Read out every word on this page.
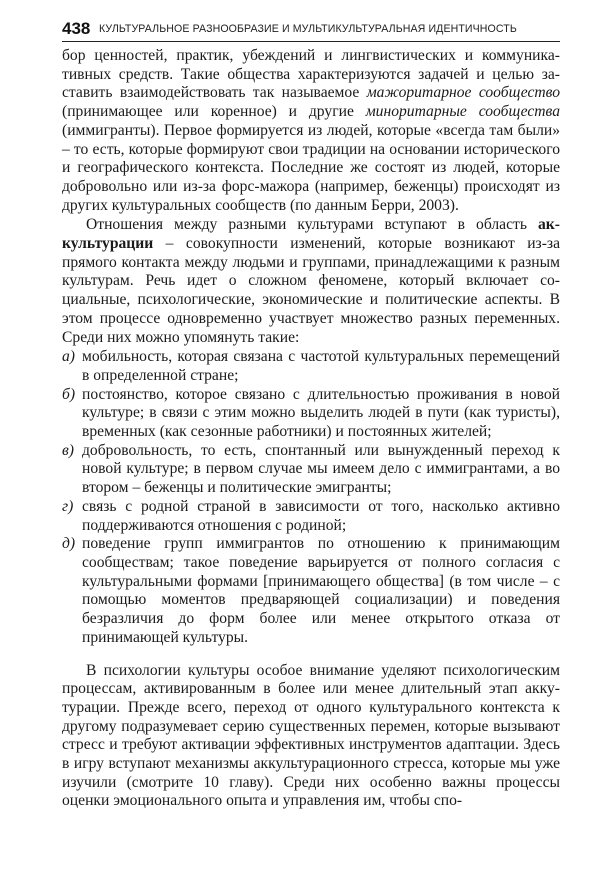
438 КУЛЬТУРАЛЬНОЕ РАЗНООБРАЗИЕ И МУЛЬТИКУЛЬТУРАЛЬНАЯ ИДЕНТИЧНОСТЬ

бор ценностей, практик, убеждений и лингвистических и коммуникативных средств. Такие общества характеризуются задачей и целью заставить взаимодействовать так называемое мажоритарное сообщество (принимающее или коренное) и другие миноритарные сообщества (иммигранты). Первое формируется из людей, которые «всегда там были» – то есть, которые формируют свои традиции на основании исторического и географического контекста. Последние же состоят из людей, которые добровольно или из-за форс-мажора (например, беженцы) происходят из других культуральных сообществ (по данным Берри, 2003).

Отношения между разными культурами вступают в область аккультурации – совокупности изменений, которые возникают из-за прямого контакта между людьми и группами, принадлежащими к разным культурам. Речь идет о сложном феномене, который включает социальные, психологические, экономические и политические аспекты. В этом процессе одновременно участвует множество разных переменных. Среди них можно упомянуть такие:

а) мобильность, которая связана с частотой культуральных перемещений в определенной стране;
б) постоянство, которое связано с длительностью проживания в новой культуре; в связи с этим можно выделить людей в пути (как туристы), временных (как сезонные работники) и постоянных жителей;
в) добровольность, то есть, спонтанный или вынужденный переход к новой культуре; в первом случае мы имеем дело с иммигрантами, а во втором – беженцы и политические эмигранты;
г) связь с родной страной в зависимости от того, насколько активно поддерживаются отношения с родиной;
д) поведение групп иммигрантов по отношению к принимающим сообществам; такое поведение варьируется от полного согласия с культуральными формами [принимающего общества] (в том числе – с помощью моментов предваряющей социализации) и поведения безразличия до форм более или менее открытого отказа от принимающей культуры.

В психологии культуры особое внимание уделяют психологическим процессам, активированным в более или менее длительный этап аккутурации. Прежде всего, переход от одного культурального контекста к другому подразумевает серию существенных перемен, которые вызывают стресс и требуют активации эффективных инструментов адаптации. Здесь в игру вступают механизмы аккультурационного стресса, которые мы уже изучили (смотрите 10 главу). Среди них особенно важны процессы оценки эмоционального опыта и управления им, чтобы спо-
